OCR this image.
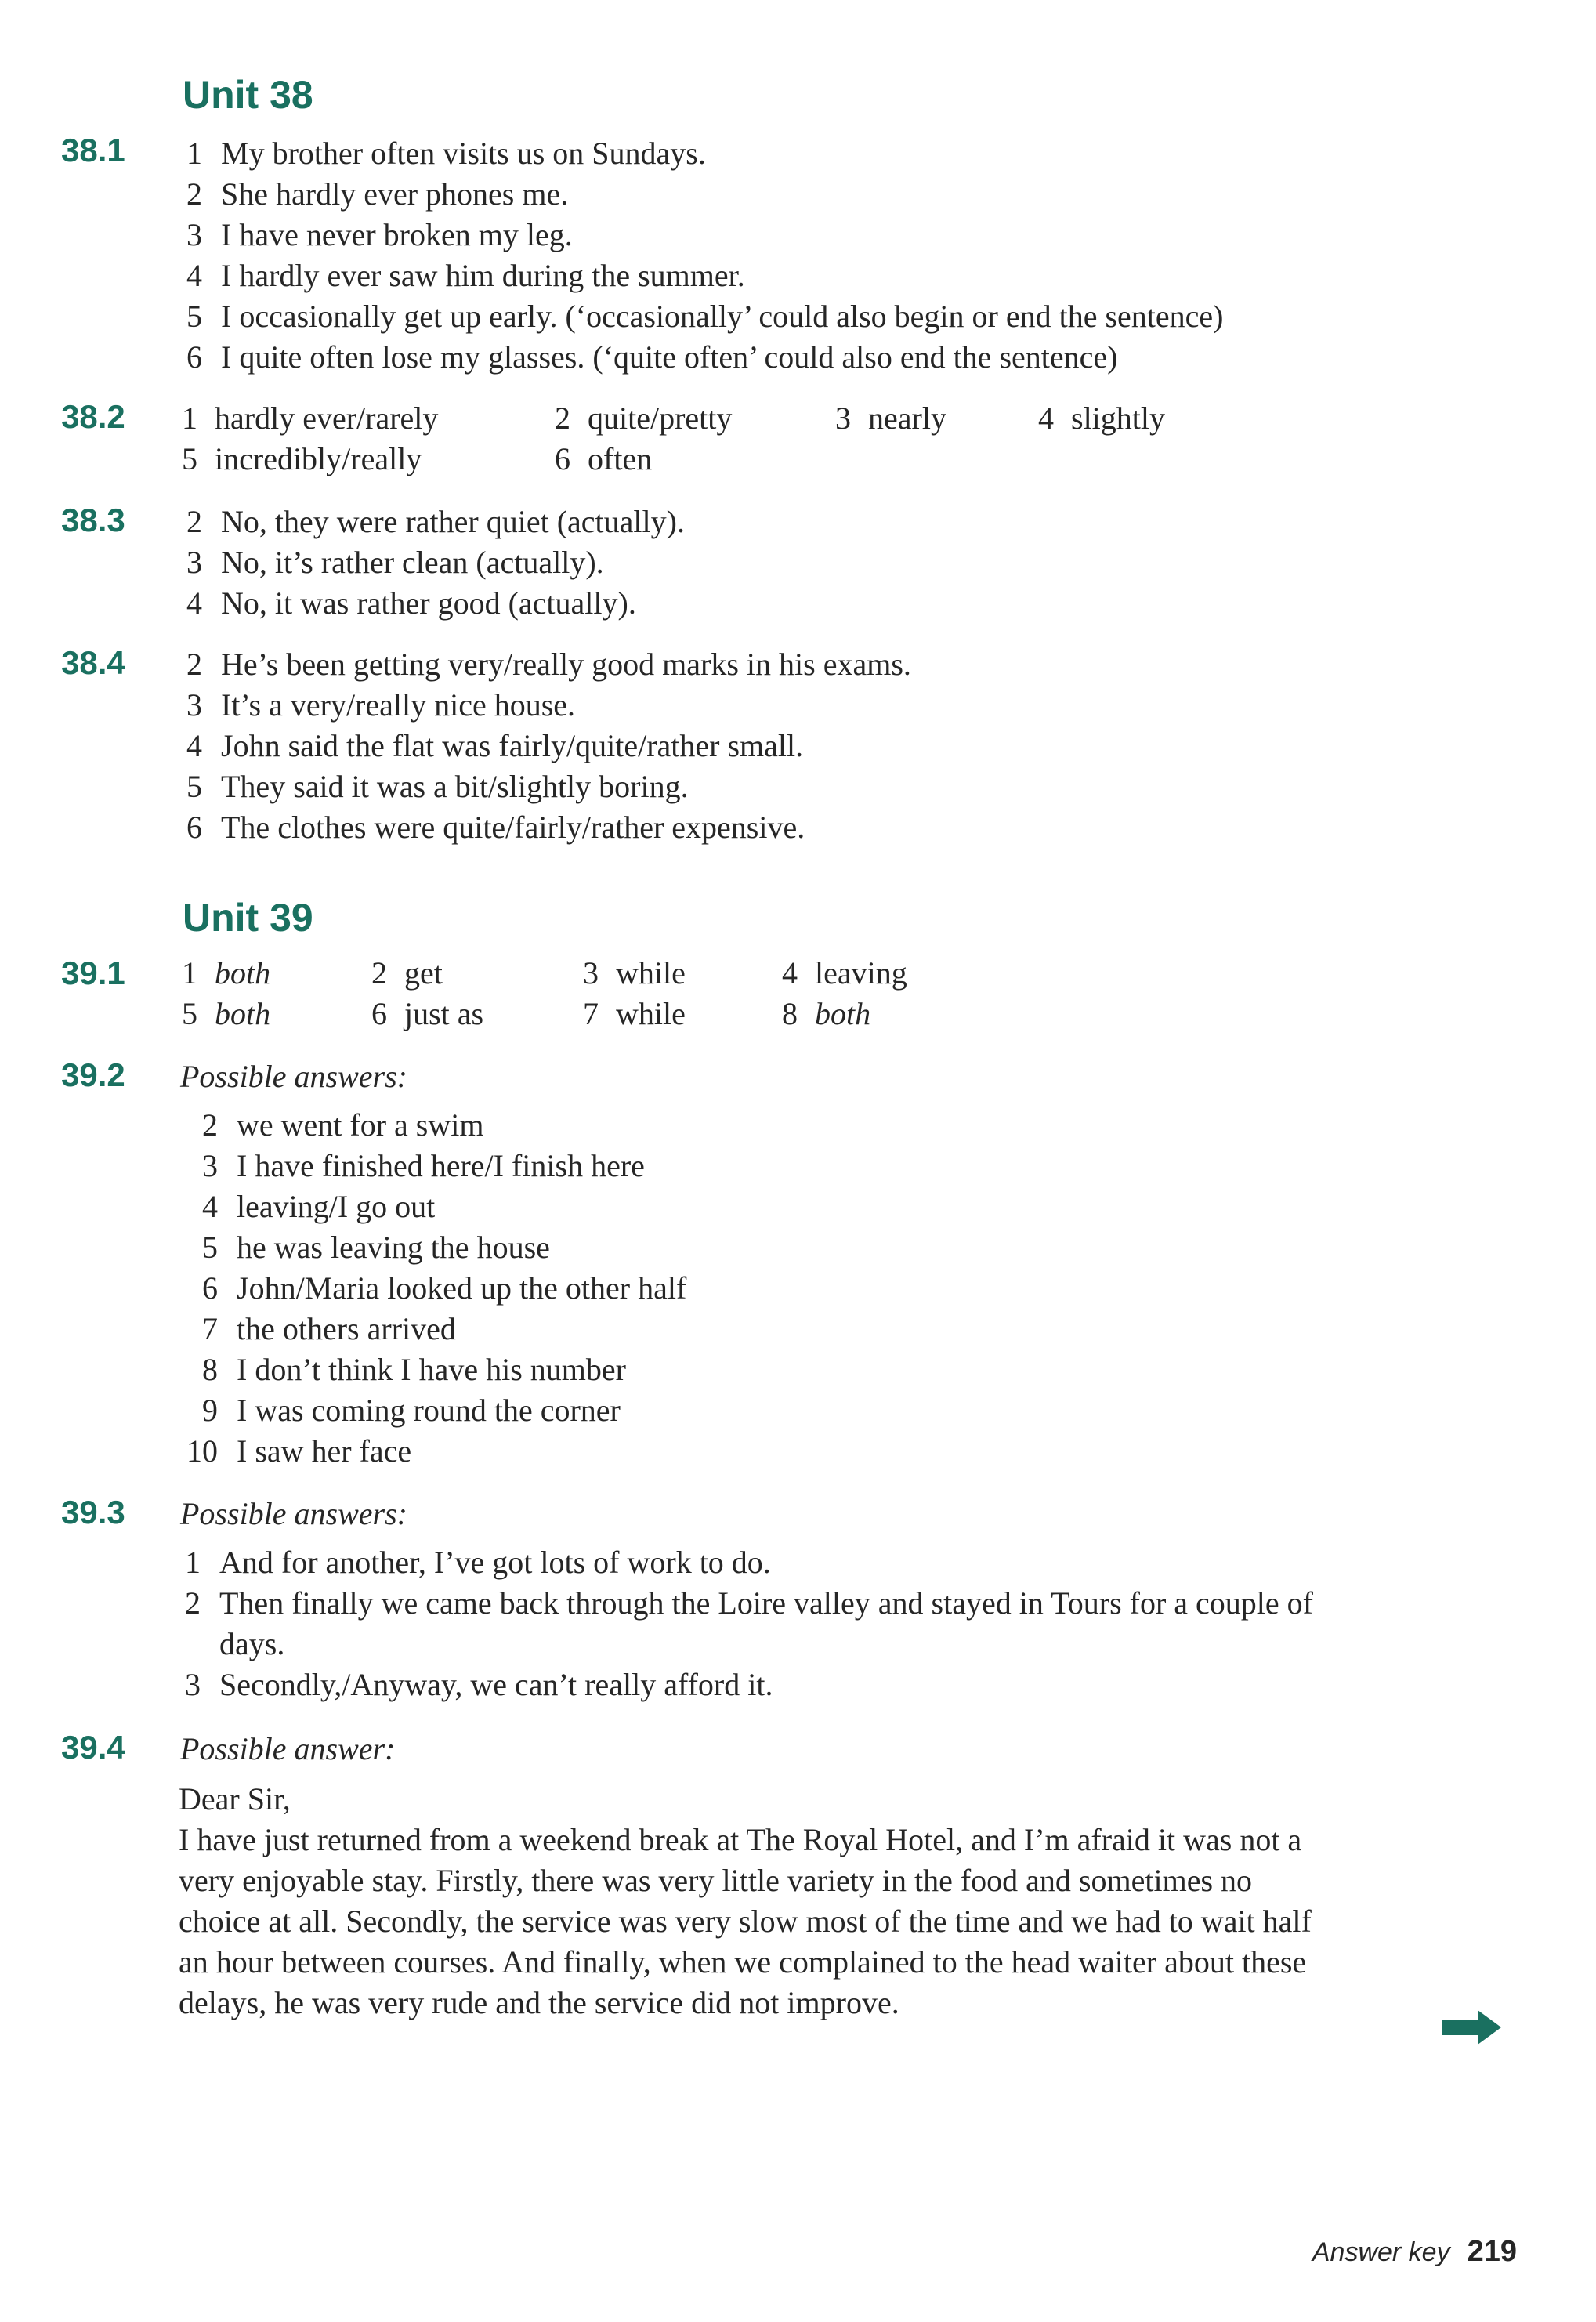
Unit 38
38.1 1 My brother often visits us on Sundays.
2 She hardly ever phones me.
3 I have never broken my leg.
4 I hardly ever saw him during the summer.
5 I occasionally get up early. (‘occasionally’ could also begin or end the sentence)
6 I quite often lose my glasses. (‘quite often’ could also end the sentence)
38.2 1 hardly ever/rarely	2 quite/pretty	3 nearly	4 slightly
5 incredibly/really	6 often
38.3 2 No, they were rather quiet (actually).
3 No, it’s rather clean (actually).
4 No, it was rather good (actually).
38.4 2 He’s been getting very/really good marks in his exams.
3 It’s a very/really nice house.
4 John said the flat was fairly/quite/rather small.
5 They said it was a bit/slightly boring.
6 The clothes were quite/fairly/rather expensive.
Unit 39
39.1 1 both	2 get	3 while	4 leaving
5 both	6 just as	7 while	8 both
39.2 Possible answers:
2 we went for a swim
3 I have finished here/I finish here
4 leaving/I go out
5 he was leaving the house
6 John/Maria looked up the other half
7 the others arrived
8 I don’t think I have his number
9 I was coming round the corner
10 I saw her face
39.3 Possible answers:
1 And for another, I’ve got lots of work to do.
2 Then finally we came back through the Loire valley and stayed in Tours for a couple of
days.
3 Secondly,/Anyway, we can’t really afford it.
39.4 Possible answer:
Dear Sir,
I have just returned from a weekend break at The Royal Hotel, and I’m afraid it was not a
very enjoyable stay. Firstly, there was very little variety in the food and sometimes no
choice at all. Secondly, the service was very slow most of the time and we had to wait half
an hour between courses. And finally, when we complained to the head waiter about these
delays, he was very rude and the service did not improve.
Answer key 219
